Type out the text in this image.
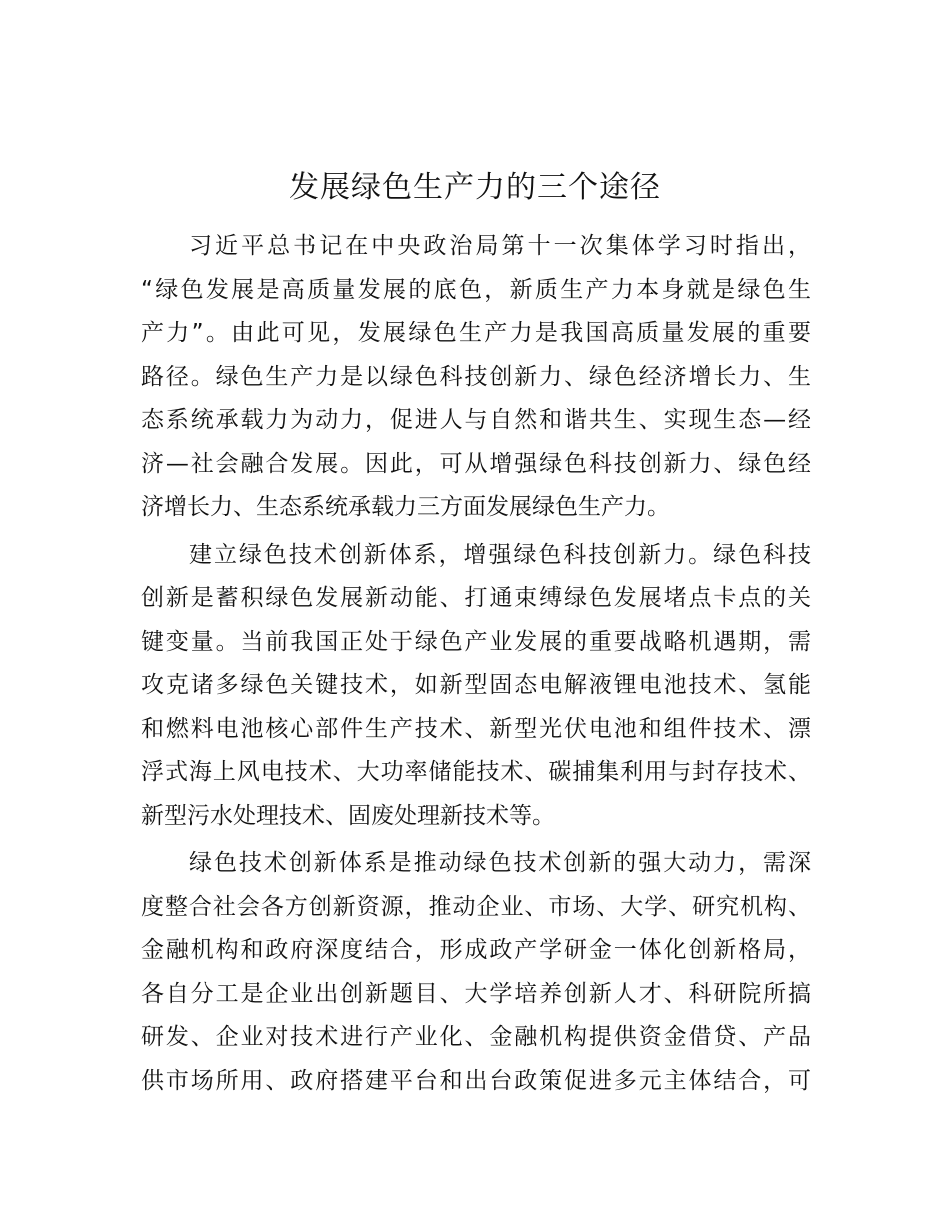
发展绿色生产力的三个途径
习近平总书记在中央政治局第十一次集体学习时指出，
“绿色发展是高质量发展的底色，新质生产力本身就是绿色生
产力”。由此可见，发展绿色生产力是我国高质量发展的重要
路径。绿色生产力是以绿色科技创新力、绿色经济增长力、生
态系统承载力为动力，促进人与自然和谐共生、实现生态—经
济—社会融合发展。因此，可从增强绿色科技创新力、绿色经
济增长力、生态系统承载力三方面发展绿色生产力。
建立绿色技术创新体系，增强绿色科技创新力。绿色科技
创新是蓄积绿色发展新动能、打通束缚绿色发展堵点卡点的关
键变量。当前我国正处于绿色产业发展的重要战略机遇期，需
攻克诸多绿色关键技术，如新型固态电解液锂电池技术、氢能
和燃料电池核心部件生产技术、新型光伏电池和组件技术、漂
浮式海上风电技术、大功率储能技术、碳捕集利用与封存技术、
新型污水处理技术、固废处理新技术等。
绿色技术创新体系是推动绿色技术创新的强大动力，需深
度整合社会各方创新资源，推动企业、市场、大学、研究机构、
金融机构和政府深度结合，形成政产学研金一体化创新格局，
各自分工是企业出创新题目、大学培养创新人才、科研院所搞
研发、企业对技术进行产业化、金融机构提供资金借贷、产品
供市场所用、政府搭建平台和出台政策促进多元主体结合，可
